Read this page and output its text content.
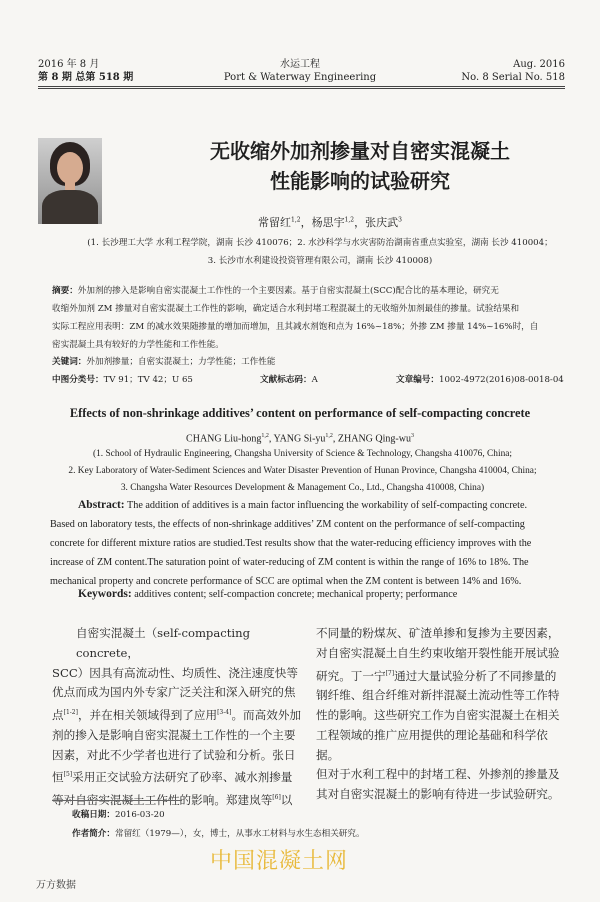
2016 年 8 月
第 8 期 总第 518 期
水运工程
Port & Waterway Engineering
Aug. 2016
No. 8 Serial No. 518
无收缩外加剂掺量对自密实混凝土
性能影响的试验研究
常留红$^{1,2}$，杨思宇$^{1,2}$，张庆武$^3$
(1. 长沙理工大学 水利工程学院，湖南 长沙 410076；2. 水沙科学与水灾害防治湖南省重点实验室，湖南 长沙 410004；
3. 长沙市水利建设投资管理有限公司，湖南 长沙 410008)
摘要：外加剂的掺入是影响自密实混凝土工作性的一个主要因素。基于自密实混凝土(SCC)配合比的基本理论，研究无
收缩外加剂 ZM 掺量对自密实混凝土工作性的影响，确定适合水利封堵工程混凝土的无收缩外加剂最佳的掺量。试验结果和
实际工程应用表明：ZM 的减水效果随掺量的增加而增加，且其减水剂饱和点为 16%~18%；外掺 ZM 掺量 14%~16%时，自
密实混凝土具有较好的力学性能和工作性能。
关键词：外加剂掺量；自密实混凝土；力学性能；工作性能
中图分类号：TV 91；TV 42；U 65	文献标志码：A	文章编号：1002-4972(2016)08-0018-04
Effects of non-shrinkage additives’ content on performance of self-compacting concrete
CHANG Liu-hong$^{1,2}$, YANG Si-yu$^{1,2}$, ZHANG Qing-$wu^3$
(1. School of Hydraulic Engineering, Changsha University of Science & Technology, Changsha 410076, China;
2. Key Laboratory of Water-Sediment Sciences and Water Disaster Prevention of Hunan Province, Changsha 410004, China;
3. Changsha Water Resources Development & Management Co., Ltd., Changsha 410008, China)
Abstract: The addition of additives is a main factor influencing the workability of self-compacting concrete.
Based on laboratory tests, the effects of non-shrinkage additives’ ZM content on the performance of self-compacting
concrete for different mixture ratios are studied.Test results show that the water-reducing efficiency improves with the
increase of ZM content.The saturation point of water-reducing of ZM content is within the range of 16% to 18%. The
mechanical property and concrete performance of SCC are optimal when the ZM content is between 14% and 16%.
Keywords: additives content; self-compaction concrete; mechanical property; performance
自密实混凝土（self-compacting concrete，
SCC）因具有高流动性、均质性、浇注速度快等
优点而成为国内外专家广泛关注和深入研究的焦
点[1-2]，并在相关领域得到了应用[3-4]。而高效外加
剂的掺入是影响自密实混凝土工作性的一个主要
因素，对此不少学者也进行了试验和分析。张日
恒[5]采用正交试验方法研究了砂率、减水剂掺量
等对自密实混凝土工作性的影响。郑建岚等[6]以
不同量的粉煤灰、矿渣单掺和复掺为主要因素，
对自密实混凝土自生约束收缩开裂性能开展试验
研究。丁一宁[7]通过大量试验分析了不同掺量的
钢纤维、组合纤维对新拌混凝土流动性等工作特
性的影响。这些研究工作为自密实混凝土在相关
工程领域的推广应用提供的理论基础和科学依据。
但对于水利工程中的封堵工程、外掺剂的掺量及
其对自密实混凝土的影响有待进一步试验研究。
收稿日期：2016-03-20
作者简介：常留红（1979—），女，博士，从事水工材料与水生态相关研究。
中国混凝土网
万方数据
